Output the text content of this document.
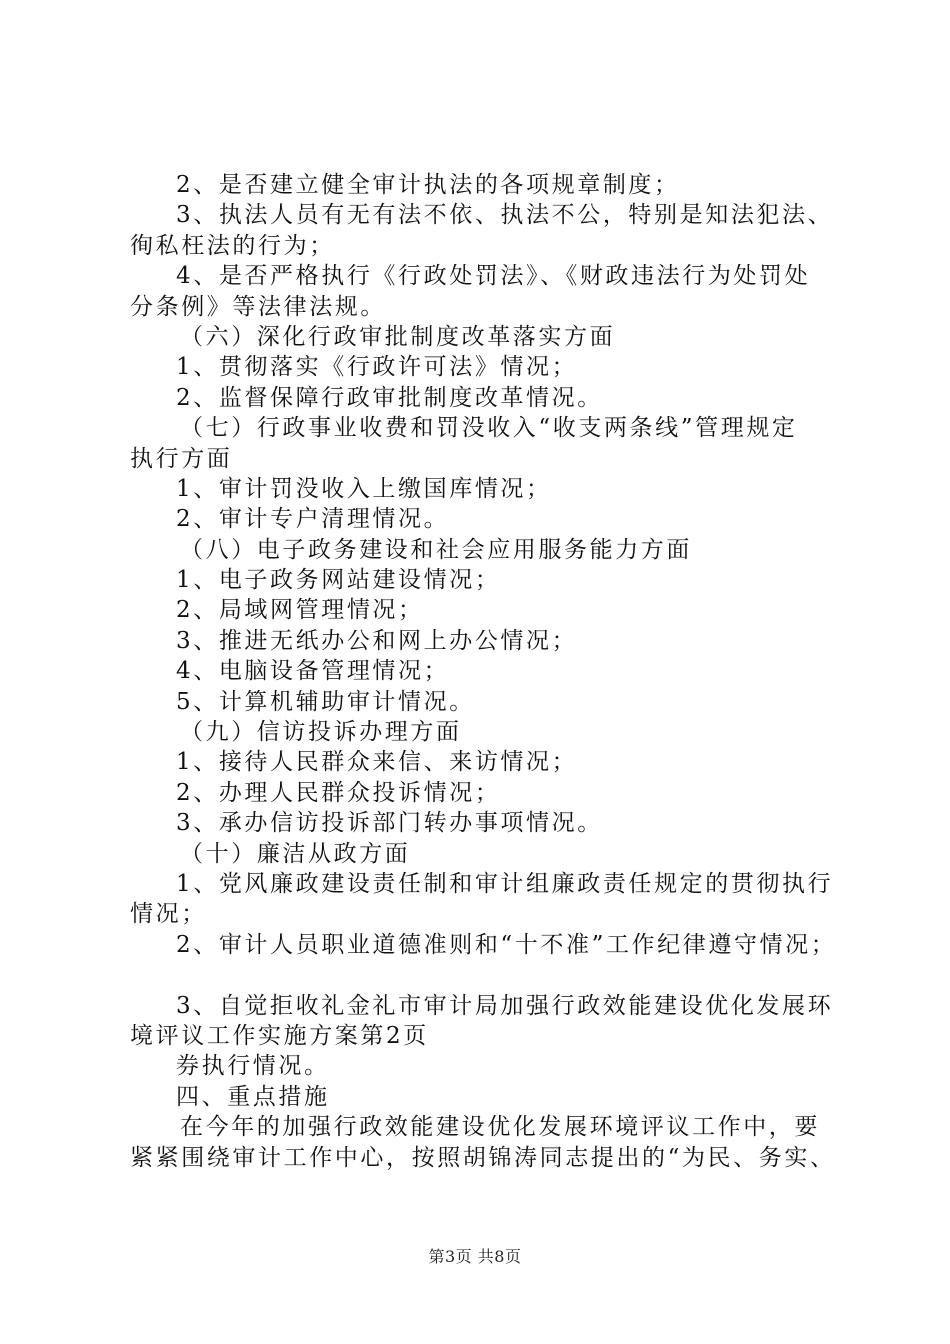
2、是否建立健全审计执法的各项规章制度；
3、执法人员有无有法不依、执法不公，特别是知法犯法、
徇私枉法的行为；
4、是否严格执行《行政处罚法》、《财政违法行为处罚处
分条例》等法律法规。
（六）深化行政审批制度改革落实方面
1、贯彻落实《行政许可法》情况；
2、监督保障行政审批制度改革情况。
（七）行政事业收费和罚没收入“收支两条线”管理规定
执行方面
1、审计罚没收入上缴国库情况；
2、审计专户清理情况。
（八）电子政务建设和社会应用服务能力方面
1、电子政务网站建设情况；
2、局域网管理情况；
3、推进无纸办公和网上办公情况；
4、电脑设备管理情况；
5、计算机辅助审计情况。
（九）信访投诉办理方面
1、接待人民群众来信、来访情况；
2、办理人民群众投诉情况；
3、承办信访投诉部门转办事项情况。
（十）廉洁从政方面
1、党风廉政建设责任制和审计组廉政责任规定的贯彻执行
情况；
2、审计人员职业道德准则和“十不准”工作纪律遵守情况；
3、自觉拒收礼金礼市审计局加强行政效能建设优化发展环
境评议工作实施方案第2页
券执行情况。
四、重点措施
在今年的加强行政效能建设优化发展环境评议工作中，要
紧紧围绕审计工作中心，按照胡锦涛同志提出的“为民、务实、
第3页 共8页
